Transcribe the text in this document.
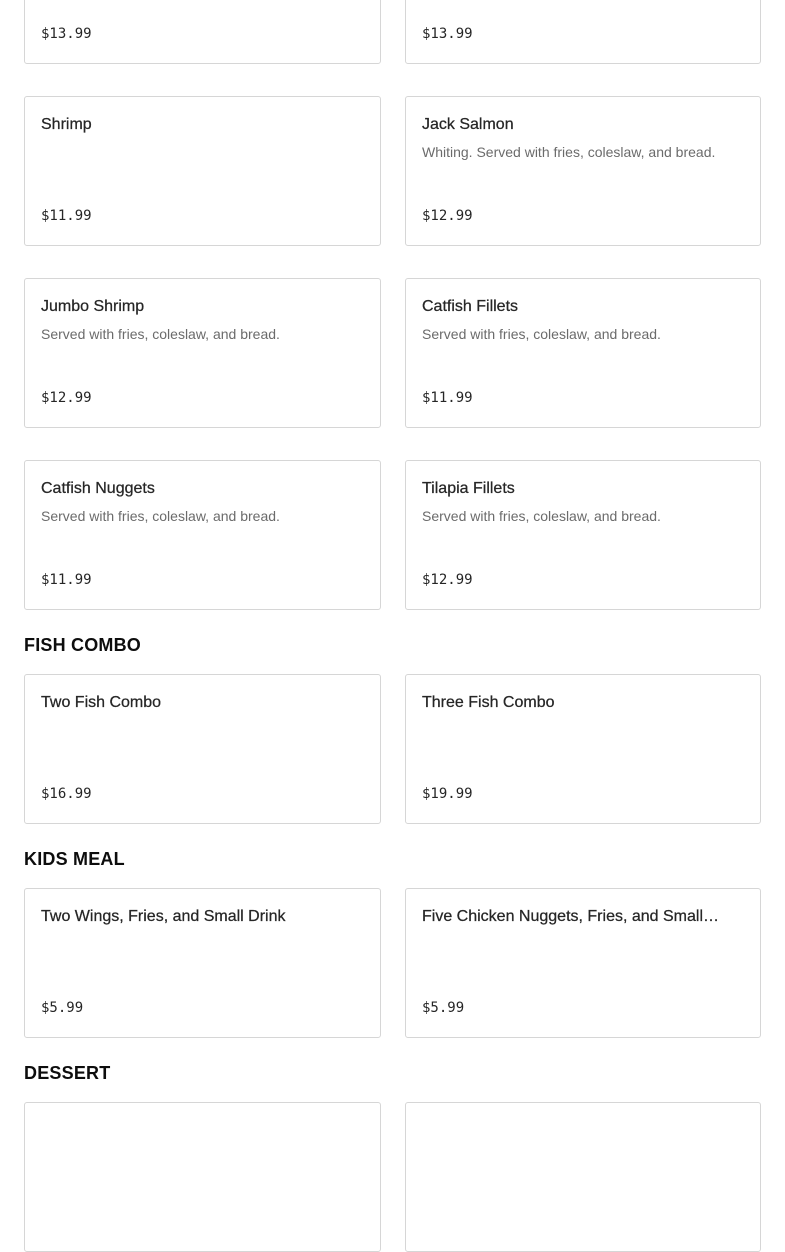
$13.99	$13.99
Shrimp
$11.99
Jack Salmon
Whiting. Served with fries, coleslaw, and bread.
$12.99
Jumbo Shrimp
Served with fries, coleslaw, and bread.
$12.99
Catfish Fillets
Served with fries, coleslaw, and bread.
$11.99
Catfish Nuggets
Served with fries, coleslaw, and bread.
$11.99
Tilapia Fillets
Served with fries, coleslaw, and bread.
$12.99
FISH COMBO
Two Fish Combo
$16.99
Three Fish Combo
$19.99
KIDS MEAL
Two Wings, Fries, and Small Drink
$5.99
Five Chicken Nuggets, Fries, and Small…
$5.99
DESSERT
